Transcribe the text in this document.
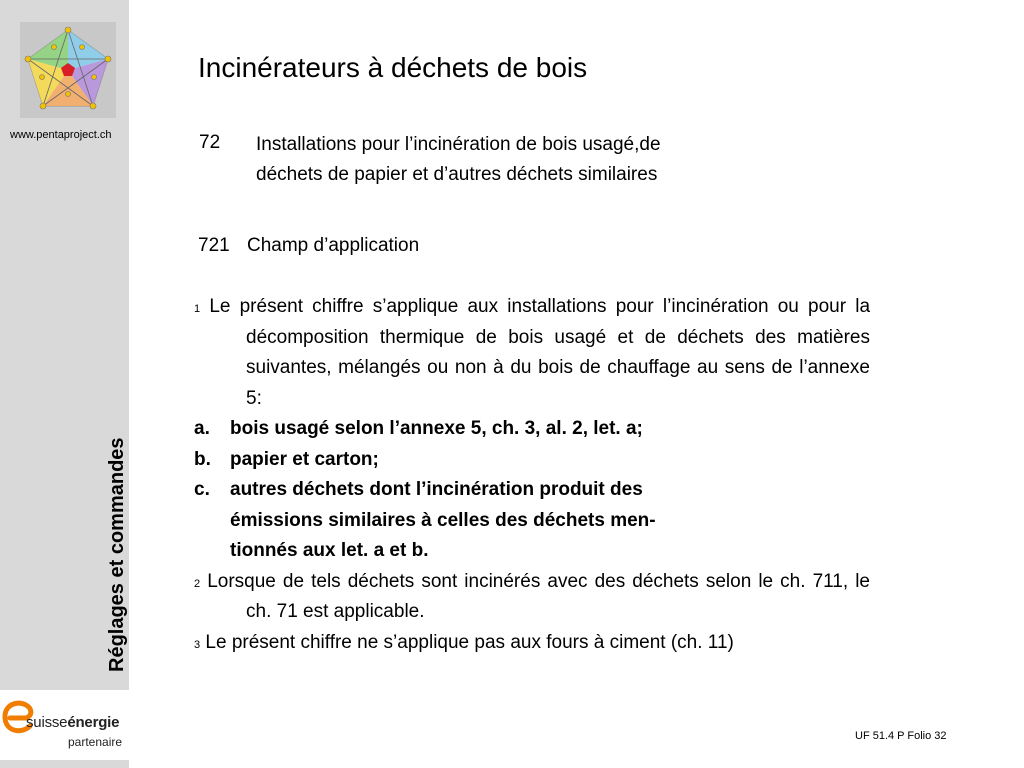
www.pentaproject.ch
Réglages et commandes
suisseénergie
partenaire
Incinérateurs à déchets de bois
72 Installations pour l’incinération de bois usagé,de
déchets de papier et d’autres déchets similaires
721 Champ d’application

$^1$ Le présent chiffre s’applique aux installations pour l’incinération ou pour la décomposition thermique de bois usagé et de déchets des matières suivantes, mélangés ou non à du bois de chauffage au sens de l’annexe 5:

a. bois usagé selon l’annexe 5, ch. 3, al. 2, let. a;

b. papier et carton;

c. autres déchets dont l’incinération produit des
émissions similaires à celles des déchets men-
tionnés aux let. a et b.

$^2$ Lorsque de tels déchets sont incinérés avec des déchets selon le ch. 711, le ch. 71 est applicable.

$^3$ Le présent chiffre ne s’applique pas aux fours à ciment (ch. 11)

UF 51.4 P Folio 32
